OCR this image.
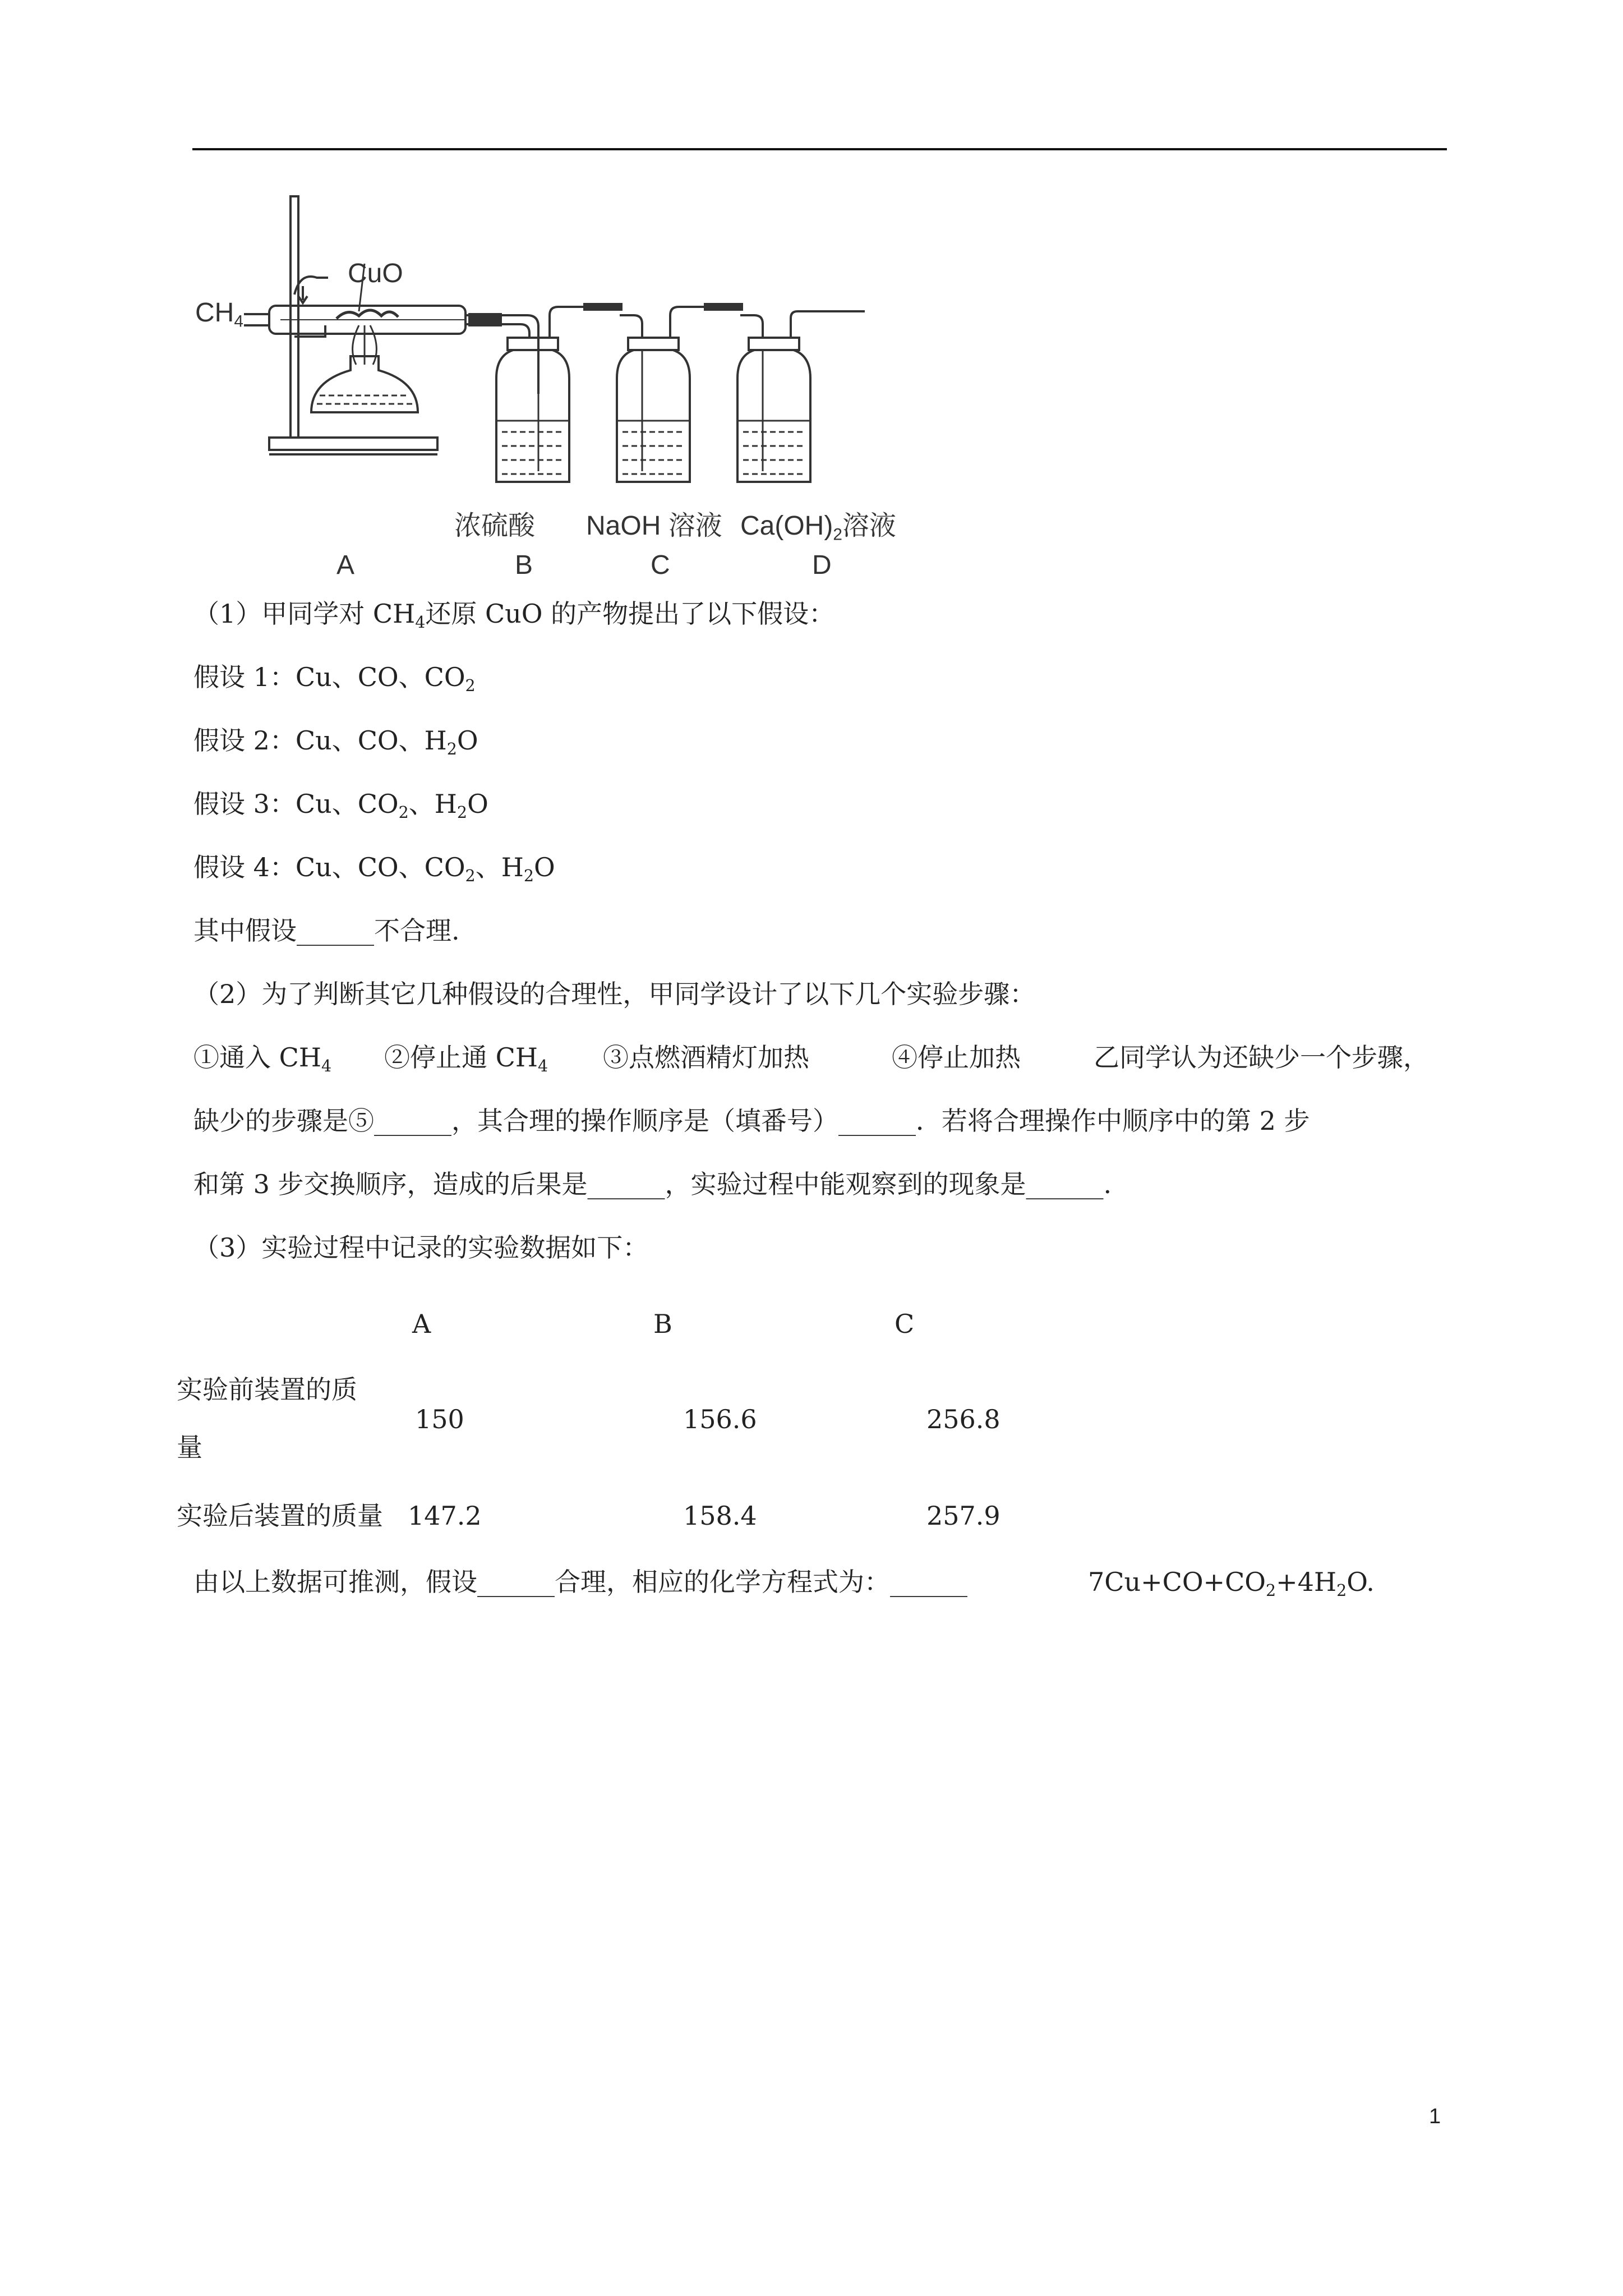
$CH_4$
CuO
浓硫酸 NaOH 溶液 $Ca(OH)_2$溶液
A	B	C	D
（1）甲同学对 $CH_4$还原 CuO 的产物提出了以下假设：
假设 1：Cu、CO、$CO_2$
假设 2：Cu、CO、$H_2O$
假设 3：Cu、$CO_2$、$H_2O$
假设 4：Cu、CO、$CO_2$、$H_2O$
其中假设______不合理.
（2）为了判断其它几种假设的合理性，甲同学设计了以下几个实验步骤：
①通入 $CH_4$ ②停止通 $CH_4$ ③点燃酒精灯加热	④停止加热	乙同学认为还缺少一个步骤，
缺少的步骤是⑤______，其合理的操作顺序是（填番号）______．若将合理操作中顺序中的第 2 步
和第 3 步交换顺序，造成的后果是______，实验过程中能观察到的现象是______.
（3）实验过程中记录的实验数据如下：
A	B	C
实验前装置的质
量
150	156.6	256.8
实验后装置的质量 147.2	158.4	257.9
由以上数据可推测，假设______合理，相应的化学方程式为：______	$7Cu+CO+CO_2+4H_2O$.
1
